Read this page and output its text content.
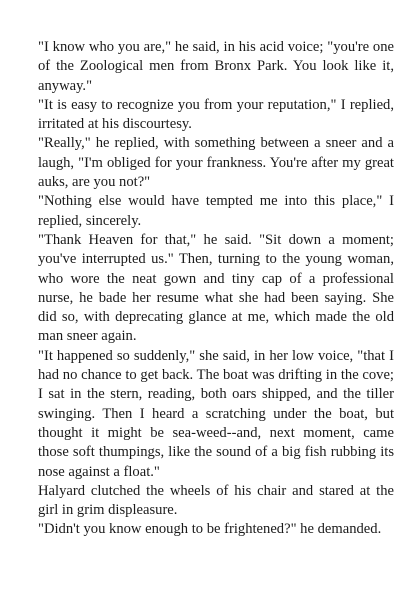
"I know who you are," he said, in his acid voice; "you're one of the Zoological men from Bronx Park. You look like it, anyway."

"It is easy to recognize you from your reputation," I replied, irritated at his discourtesy.

"Really," he replied, with something between a sneer and a laugh, "I'm obliged for your frankness. You're after my great auks, are you not?"

"Nothing else would have tempted me into this place," I replied, sincerely.

"Thank Heaven for that," he said. "Sit down a moment; you've interrupted us." Then, turning to the young woman, who wore the neat gown and tiny cap of a professional nurse, he bade her resume what she had been saying. She did so, with deprecating glance at me, which made the old man sneer again.

"It happened so suddenly," she said, in her low voice, "that I had no chance to get back. The boat was drifting in the cove; I sat in the stern, reading, both oars shipped, and the tiller swinging. Then I heard a scratching under the boat, but thought it might be sea-weed--and, next moment, came those soft thumpings, like the sound of a big fish rubbing its nose against a float."

Halyard clutched the wheels of his chair and stared at the girl in grim displeasure.

"Didn't you know enough to be frightened?" he demanded.
